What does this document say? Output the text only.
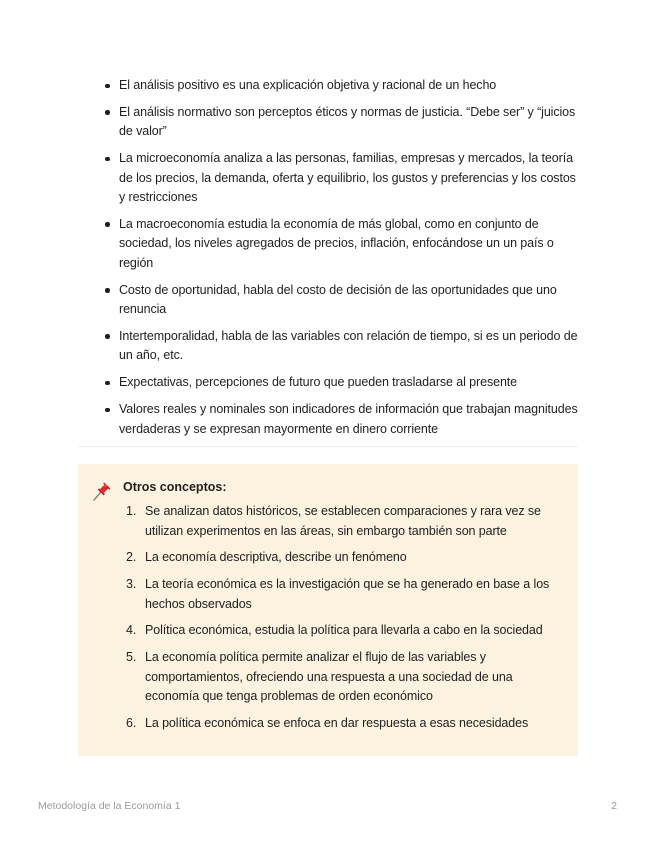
El análisis positivo es una explicación objetiva y racional de un hecho
El análisis normativo son perceptos éticos y normas de justicia. “Debe ser” y “juicios de valor”
La microeconomía analiza a las personas, familias, empresas y mercados, la teoría de los precios, la demanda, oferta y equilibrio, los gustos y preferencias y los costos y restricciones
La macroeconomía estudia la economía de más global, como en conjunto de sociedad, los niveles agregados de precios, inflación, enfocándose un un país o región
Costo de oportunidad, habla del costo de decisión de las oportunidades que uno renuncia
Intertemporalidad, habla de las variables con relación de tiempo, si es un periodo de un año, etc.
Expectativas, percepciones de futuro que pueden trasladarse al presente
Valores reales y nominales son indicadores de información que trabajan magnitudes verdaderas y se expresan mayormente en dinero corriente
Otros conceptos:
1. Se analizan datos históricos, se establecen comparaciones y rara vez se utilizan experimentos en las áreas, sin embargo también son parte
2. La economía descriptiva, describe un fenómeno
3. La teoría económica es la investigación que se ha generado en base a los hechos observados
4. Política económica, estudia la política para llevarla a cabo en la sociedad
5. La economía política permite analizar el flujo de las variables y comportamientos, ofreciendo una respuesta a una sociedad de una economía que tenga problemas de orden económico
6. La política económica se enfoca en dar respuesta a esas necesidades
Metodología de la Economía 1	2
